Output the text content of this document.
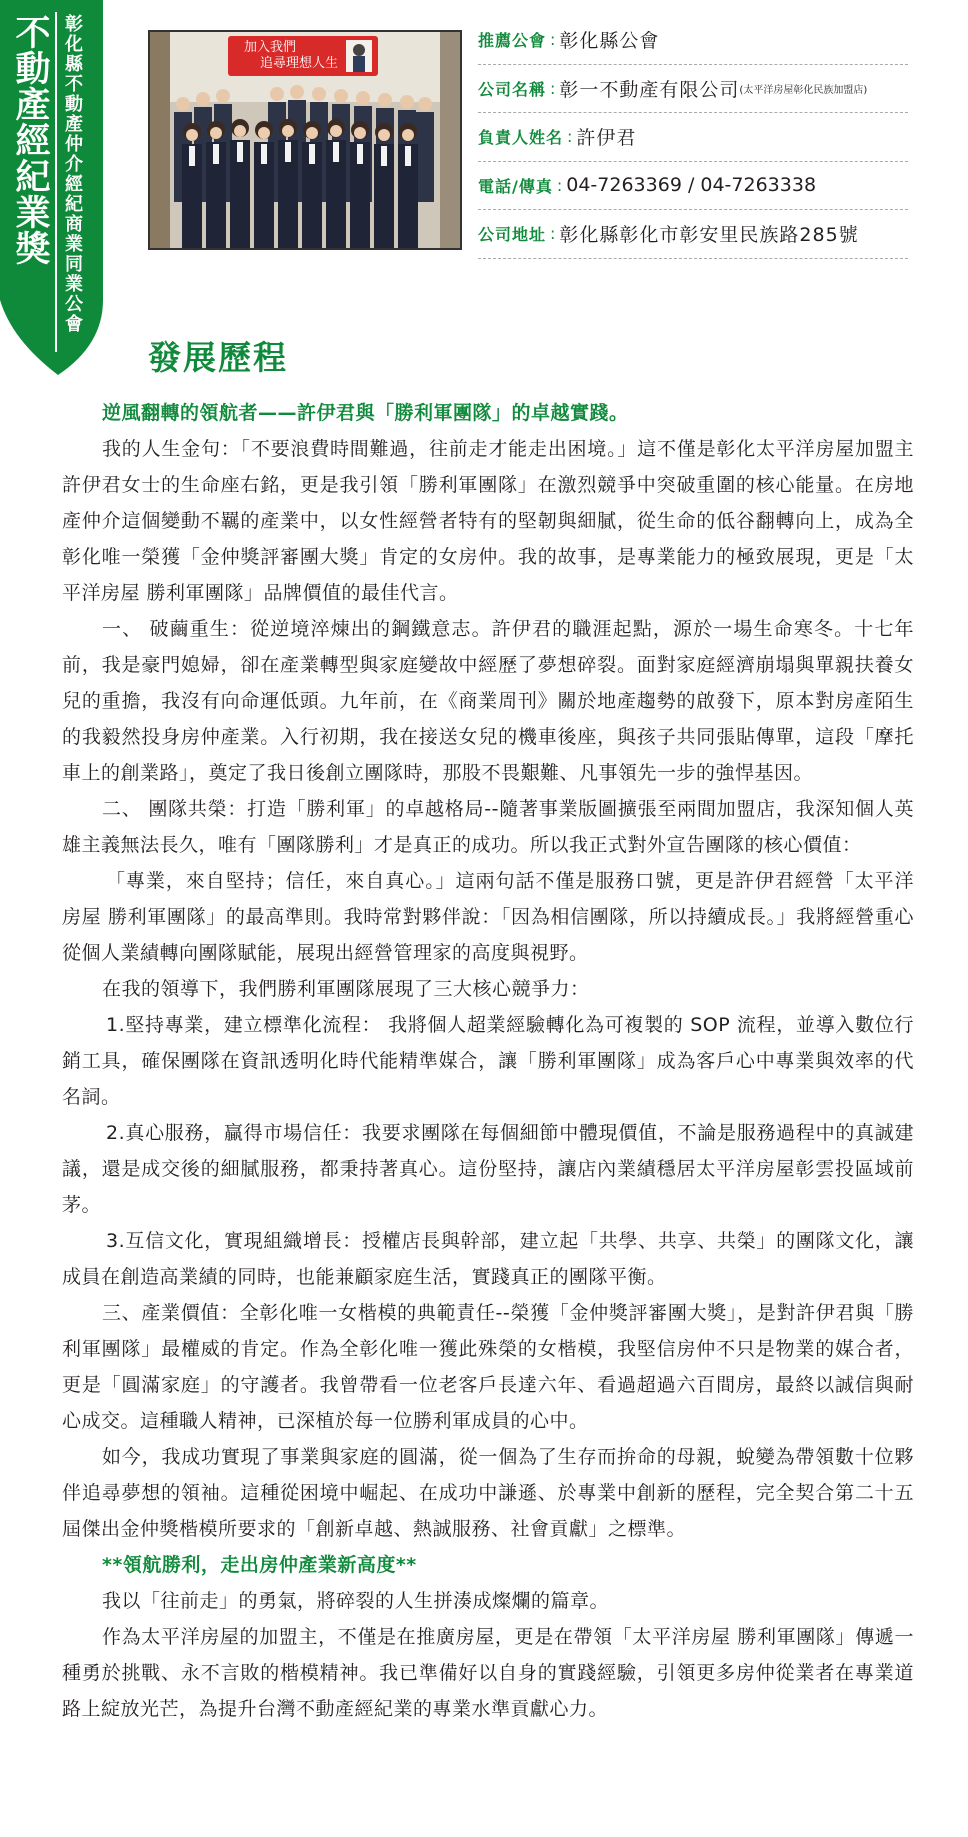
不動產經紀業獎 彰化縣不動產仲介經紀商業同業公會	加入我們
追尋理想人生
推薦公會 : 彰化縣公會
公司名稱 : 彰一不動產有限公司 (太平洋房屋彰化民族加盟店)
負責人姓名 : 許伊君
電話/傳真 : 04-7263369 / 04-7263338
公司地址 : 彰化縣彰化市彰安里民族路285號
發展歷程

逆風翻轉的領航者——許伊君與「勝利軍團隊」的卓越實踐。

我的人生金句：「不要浪費時間難過，往前走才能走出困境。」這不僅是彰化太平洋房屋加盟主許伊君女士的生命座右銘，更是我引領「勝利軍團隊」在激烈競爭中突破重圍的核心能量。在房地產仲介這個變動不羈的產業中，以女性經營者特有的堅韌與細膩，從生命的低谷翻轉向上，成為全彰化唯一榮獲「金仲獎評審團大獎」肯定的女房仲。我的故事，是專業能力的極致展現，更是「太平洋房屋 勝利軍團隊」品牌價值的最佳代言。

一、 破繭重生：從逆境淬煉出的鋼鐵意志。許伊君的職涯起點，源於一場生命寒冬。十七年前，我是豪門媳婦，卻在產業轉型與家庭變故中經歷了夢想碎裂。面對家庭經濟崩塌與單親扶養女兒的重擔，我沒有向命運低頭。九年前，在《商業周刊》關於地產趨勢的啟發下，原本對房產陌生的我毅然投身房仲產業。入行初期，我在接送女兒的機車後座，與孩子共同張貼傳單，這段「摩托車上的創業路」，奠定了我日後創立團隊時，那股不畏艱難、凡事領先一步的強悍基因。

二、 團隊共榮：打造「勝利軍」的卓越格局--隨著事業版圖擴張至兩間加盟店，我深知個人英雄主義無法長久，唯有「團隊勝利」才是真正的成功。所以我正式對外宣告團隊的核心價值：

「專業，來自堅持；信任，來自真心。」這兩句話不僅是服務口號，更是許伊君經營「太平洋房屋 勝利軍團隊」的最高準則。我時常對夥伴說：「因為相信團隊，所以持續成長。」我將經營重心從個人業績轉向團隊賦能，展現出經營管理家的高度與視野。

在我的領導下，我們勝利軍團隊展現了三大核心競爭力：

1.堅持專業，建立標準化流程： 我將個人超業經驗轉化為可複製的 SOP 流程，並導入數位行銷工具，確保團隊在資訊透明化時代能精準媒合，讓「勝利軍團隊」成為客戶心中專業與效率的代名詞。

2.真心服務，贏得市場信任：我要求團隊在每個細節中體現價值，不論是服務過程中的真誠建議，還是成交後的細膩服務，都秉持著真心。這份堅持，讓店內業績穩居太平洋房屋彰雲投區域前茅。

3.互信文化，實現組織增長：授權店長與幹部，建立起「共學、共享、共榮」的團隊文化，讓成員在創造高業績的同時，也能兼顧家庭生活，實踐真正的團隊平衡。

三、產業價值：全彰化唯一女楷模的典範責任--榮獲「金仲獎評審團大獎」，是對許伊君與「勝利軍團隊」最權威的肯定。作為全彰化唯一獲此殊榮的女楷模，我堅信房仲不只是物業的媒合者，更是「圓滿家庭」的守護者。我曾帶看一位老客戶長達六年、看過超過六百間房，最終以誠信與耐心成交。這種職人精神，已深植於每一位勝利軍成員的心中。

如今，我成功實現了事業與家庭的圓滿，從一個為了生存而拚命的母親，蛻變為帶領數十位夥伴追尋夢想的領袖。這種從困境中崛起、在成功中謙遜、於專業中創新的歷程，完全契合第二十五屆傑出金仲獎楷模所要求的「創新卓越、熱誠服務、社會貢獻」之標準。

**領航勝利，走出房仲產業新高度**

我以「往前走」的勇氣，將碎裂的人生拼湊成燦爛的篇章。

作為太平洋房屋的加盟主，不僅是在推廣房屋，更是在帶領「太平洋房屋 勝利軍團隊」傳遞一種勇於挑戰、永不言敗的楷模精神。我已準備好以自身的實踐經驗，引領更多房仲從業者在專業道路上綻放光芒，為提升台灣不動產經紀業的專業水準貢獻心力。
